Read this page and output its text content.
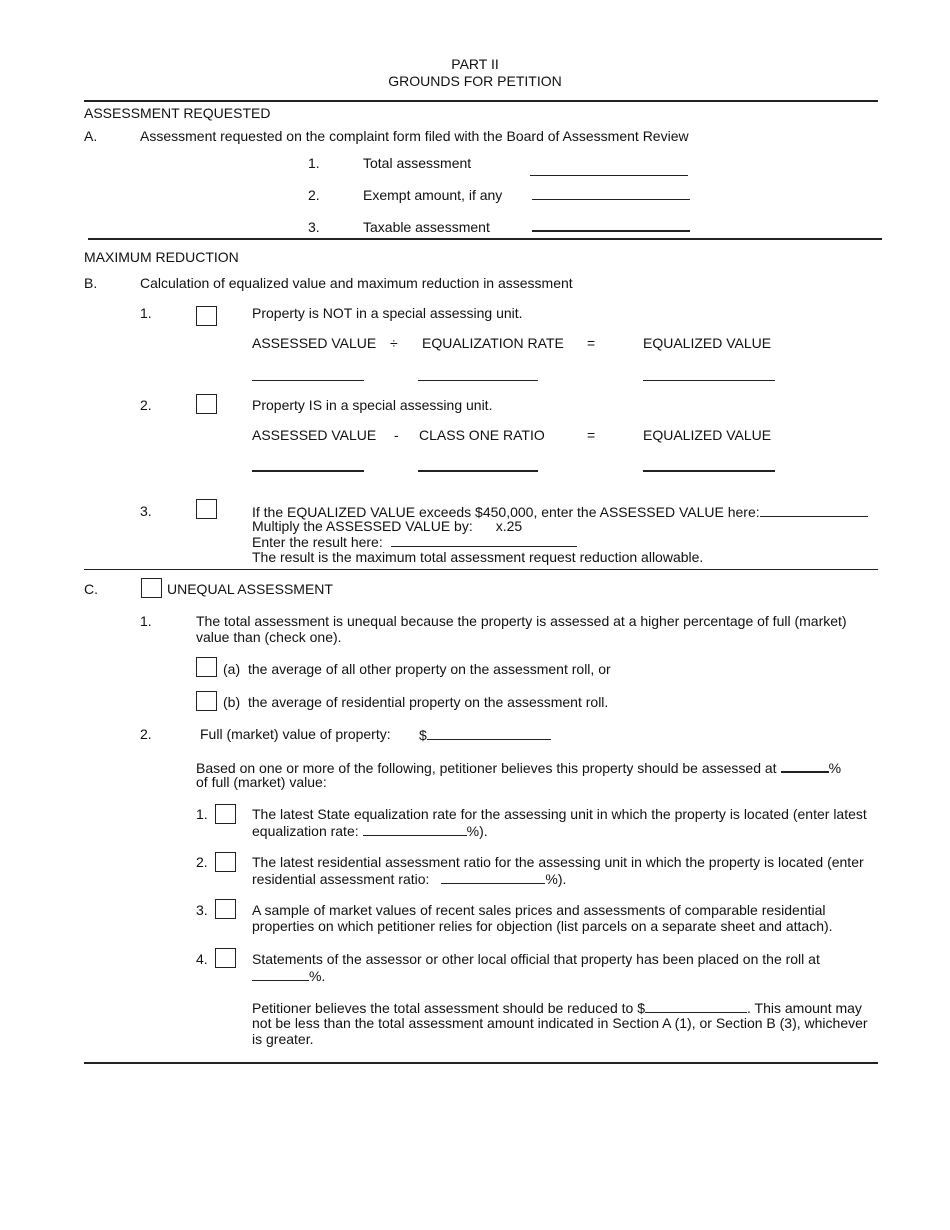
PART II
GROUNDS FOR PETITION
ASSESSMENT REQUESTED
A.	Assessment requested on the complaint form filed with the Board of Assessment Review
1.	Total assessment
2.	Exempt amount, if any
3.	Taxable assessment
MAXIMUM REDUCTION
B.	Calculation of equalized value and maximum reduction in assessment
1.	Property is NOT in a special assessing unit.
ASSESSED VALUE ÷ EQUALIZATION RATE =	EQUALIZED VALUE
2.	Property IS in a special assessing unit.
ASSESSED VALUE - CLASS ONE RATIO	=	EQUALIZED VALUE
3.	If the EQUALIZED VALUE exceeds $450,000, enter the ASSESSED VALUE here:
Multiply the ASSESSED VALUE by: x.25
Enter the result here:
The result is the maximum total assessment request reduction allowable.
C.	UNEQUAL ASSESSMENT
1.	The total assessment is unequal because the property is assessed at a higher percentage of full (market) value than (check one).
(a) the average of all other property on the assessment roll, or
(b) the average of residential property on the assessment roll.
2.	Full (market) value of property: $
Based on one or more of the following, petitioner believes this property should be assessed at	%
of full (market) value:
1.	The latest State equalization rate for the assessing unit in which the property is located (enter latest
equalization rate:	%).
2.	The latest residential assessment ratio for the assessing unit in which the property is located (enter
residential assessment ratio:	%).
3.	A sample of market values of recent sales prices and assessments of comparable residential
properties on which petitioner relies for objection (list parcels on a separate sheet and attach).
4.	Statements of the assessor or other local official that property has been placed on the roll at
%.
Petitioner believes the total assessment should be reduced to $	. This amount may
not be less than the total assessment amount indicated in Section A (1), or Section B (3), whichever
is greater.
